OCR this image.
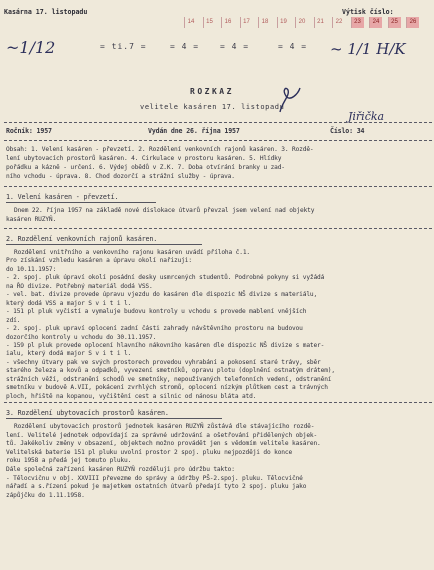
Kasárna 17. listopadu
14	15	16	17	18	19	20	21	22	23	24	25	26
Výtisk číslo:
~1/12	~ 1/1 H/K
= ti.7 =	= 4 =	= 4 =	= 4 =
ROZKAZ
velitele kasáren 17. listopadu
Jiřička
Ročník: 1957	Vydán dne 26. října 1957	Číslo: 34
Obsah: 1. Velení kasáren - převzetí. 2. Rozdělení venkovních rajonů kasáren. 3. Rozdě-
lení ubytovacích prostorů kasáren. 4. Cirkulace v prostoru kasáren. 5. Hlídky
pořádku a kázně - určení. 6. Výdej obědů v Z.K. 7. Doba otvírání branky u zad-
ního vchodu - úprava. 8. Chod dozorčí a strážní služby - úprava.
1. Velení kasáren - převzetí.
Dnem 22. října 1957 na základě nové dislokace útvarů převzal jsem velení nad objekty
kasáren RUZYŇ.
2. Rozdělení venkovních rajonů kasáren.
Rozdělení vnitřního a venkovního rajonu kasáren uvádí příloha č.1.
Pro získání vzhledu kasáren a úpravu okolí nařizuji:
do 10.11.1957:
- 2. spoj. pluk úpraví okolí posádní desky usmrcených studentů. Podrobné pokyny si vyžádá
na ŘO divize. Potřebný materiál dodá VSS.
- vel. bat. divize provede úpravu vjezdu do kasáren dle dispozic NŠ divize s materiálu,
který dodá VSS a major S v i t i l.
- 151 pl pluk vyčistí a vymaluje budovu kontroly u vchodu s provede mablení vnějších
zdí.
- 2. spoj. pluk upraví oplocení zadní části zahrady návštěvního prostoru na budovou
dozorčího kontroly u vchodu do 30.11.1957.
- 159 pl pluk provede oplocení hlavního nákovního kasáren dle dispozic NŠ divize s mater-
ialu, který dodá major S v i t i l.
- všechny útvary pak ve svých prostorech provedou vyhrabání a pokosení staré trávy, sběr
starého železa a kovů a odpadků, vyvezení smetníků, opravu plotu (doplnění ostnatým drátem),
strážních věží, odstranění schodů ve smetníky, nepoužívaných telefonních vedení, odstranění
smetníku v budově A.VII, pokácení zvrhlých stromů, oplocení nízkým plůtkem cest a trávných
ploch, hřiště na kopanou, vyčištění cest a silnic od nánosu bláta atd.
3. Rozdělení ubytovacích prostorů kasáren.
Rozdělení ubytovacích prostorů jednotek kasáren RUZYŇ zůstává dle stávajícího rozdě-
lení. Velitelé jednotek odpovídají za správné udržování a ošetřování přidělených objek-
tů. Jakékoliv změny v obsazení, objektech možno provádět jen s vědomím velitele kasáren.
Velitelská baterie 151 pl pluku uvolní prostor 2 spoj. pluku nejpozději do konce
roku 1958 a předá jej tomuto pluku.
Dále společná zařízení kasáren RUZYŇ rozděluji pro údržbu takto:
- Tělocvičnu v obj. XXVIII převezme do správy a údržby PŠ-2.spoj. pluku. Tělocvičné
nářadí a s.řízení pokud je majetkem ostatních útvarů předají tyto 2 spoj. pluku jako
zápůjčku do 1.11.1958.
